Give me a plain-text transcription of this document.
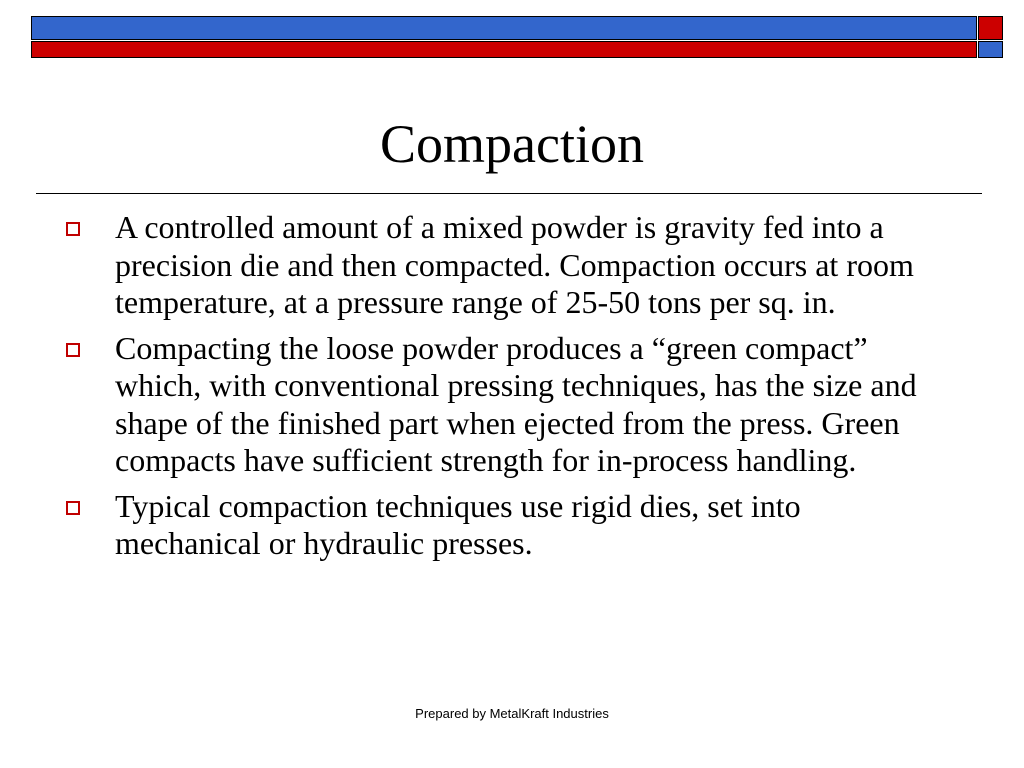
Compaction
A controlled amount of a mixed powder is gravity fed into a precision die and then compacted. Compaction occurs at room temperature, at a pressure range of 25-50 tons per sq. in.
Compacting the loose powder produces a “green compact” which, with conventional pressing techniques, has the size and shape of the finished part when ejected from the press. Green compacts have sufficient strength for in-process handling.
Typical compaction techniques use rigid dies, set into mechanical or hydraulic presses.
Prepared by MetalKraft Industries
